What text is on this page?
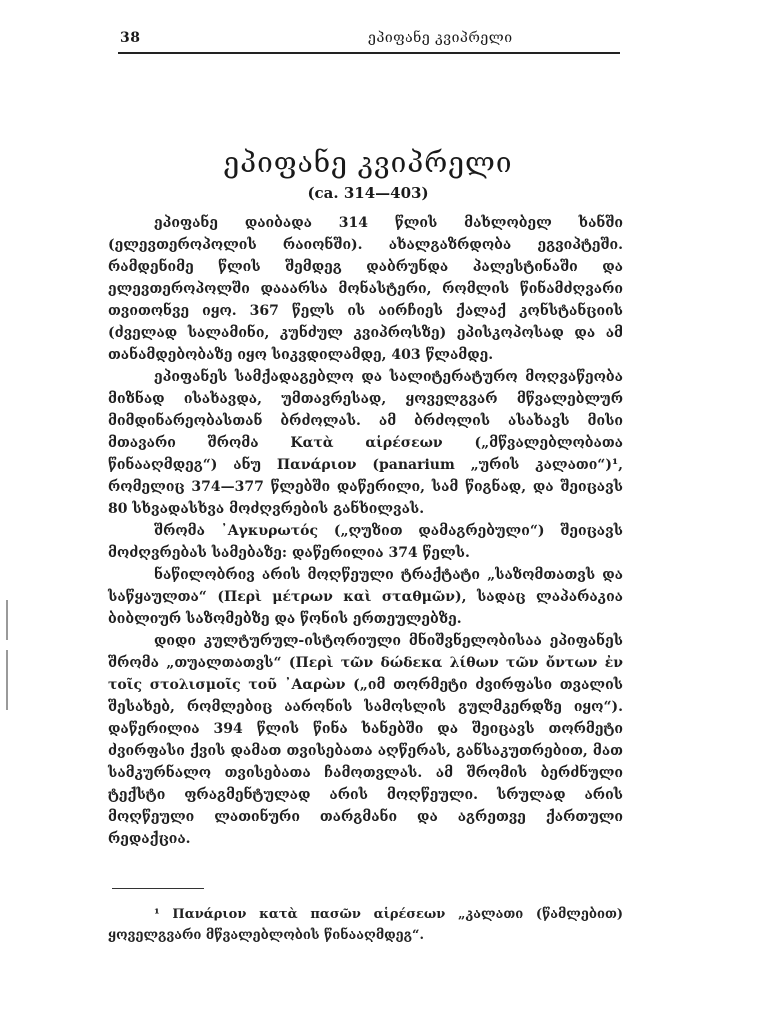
38	ეპიფანე კვიპრელი
ეპიფანე კვიპრელი
(ca. 314—403)

ეპიფანე დაიბადა 314 წლის მახლობელ ხანში (ელევთეროპოლის რაიონში). ახალგაზრდობა ეგვიპტეში. რამდენიმე წლის შემდეგ დაბრუნდა პალესტინაში და ელევთეროპოლში დააარსა მონასტერი, რომლის წინამძღვარი თვითონვე იყო. 367 წელს ის აირჩიეს ქალაქ კონსტანციის (ძველად სალამინი, კუნძულ კვიპროსზე) ეპისკოპოსად და ამ თანამდებობაზე იყო სიკვდილამდე, 403 წლამდე.

ეპიფანეს სამქადაგებლო და სალიტერატურო მოღვაწეობა მიზნად ისახავდა, უმთავრესად, ყოველგვარ მწვალებლურ მიმდინარეობასთან ბრძოლას. ამ ბრძოლის ასახავს მისი მთავარი შრომა Κατὰ αἱρέσεων („მწვალებლობათა წინააღმდეგ“) ანუ Πανάριον (panarium „ურის კალათი“)¹, რომელიც 374—377 წლებში დაწერილი, სამ წიგნად, და შეიცავს 80 სხვადასხვა მოძღვრების განხილვას.

შრომა ᾿Αγκυρωτός („ღუზით დამაგრებული“) შეიცავს მოძღვრებას სამებაზე: დაწერილია 374 წელს.

ნაწილობრივ არის მოღწეული ტრაქტატი „საზომთათვს და საწყაულთა“ (Περὶ μέτρων καὶ σταθμῶν), სადაც ლაპარაკია ბიბლიურ საზომებზე და წონის ერთეულებზე.

დიდი კულტურულ-ისტორიული მნიშვნელობისაა ეპიფანეს შრომა „თუალთათვს“ (Περὶ τῶν δώδεκα λίθων τῶν ὄντων ἐν τοῖς στολισμοῖς τοῦ ᾿Ααρὼν („იმ თორმეტი ძვირფასი თვალის შესახებ, რომლებიც აარონის სამოსლის გულმკერდზე იყო“). დაწერილია 394 წლის წინა ხანებში და შეიცავს თორმეტი ძვირფასი ქვის დამათ თვისებათა აღწერას, განსაკუთრებით, მათ სამკურნალო თვისებათა ჩამოთვლას. ამ შრომის ბერძნული ტექსტი ფრაგმენტულად არის მოღწეული. სრულად არის მოღწეული ლათინური თარგმანი და აგრეთვე ქართული რედაქცია.

¹ Πανάριον κατὰ πασῶν αἱρέσεων „კალათი (წამლებით) ყოველგვარი მწვალებლობის წინააღმდეგ“.
